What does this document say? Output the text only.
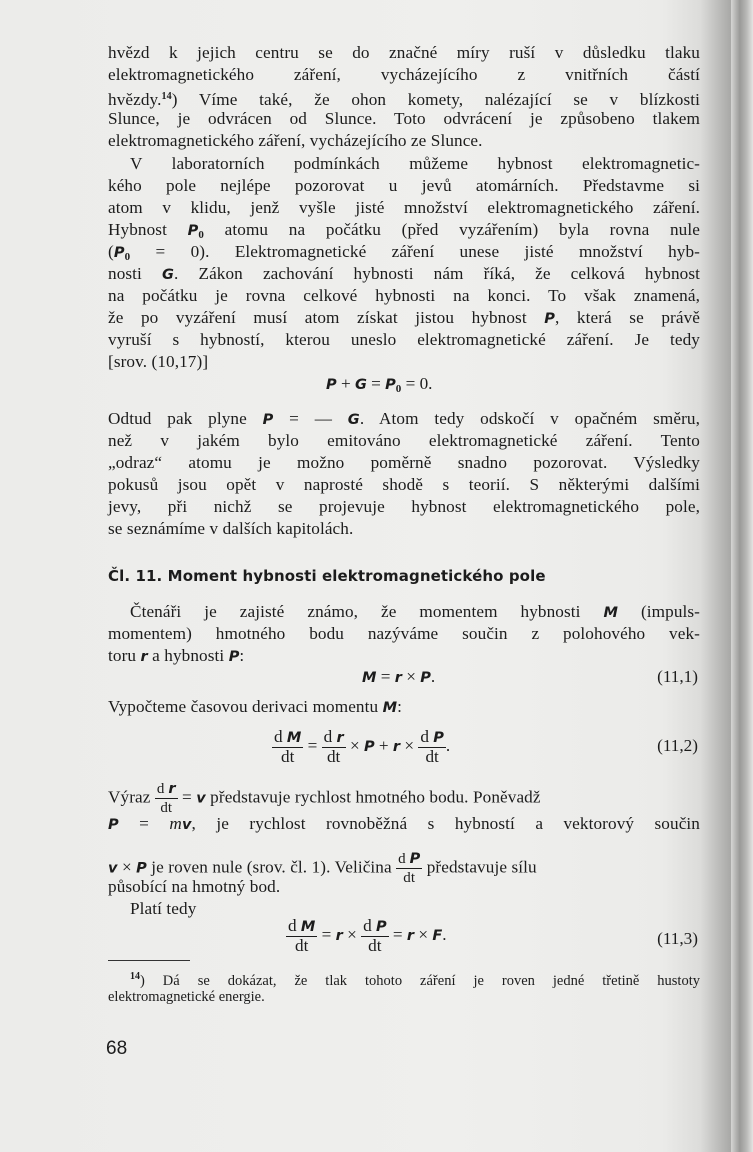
hvězd k jejich centru se do značné míry ruší v důsledku tlaku
elektromagnetického záření, vycházejícího z vnitřních částí
hvězdy.$^{14}$) Víme také, že ohon komety, nalézající se v blízkosti
Slunce, je odvrácen od Slunce. Toto odvrácení je způsobeno tlakem
elektromagnetického záření, vycházejícího ze Slunce.
V laboratorních podmínkách můžeme hybnost elektromagnetic-
kého pole nejlépe pozorovat u jevů atomárních. Představme si
atom v klidu, jenž vyšle jisté množství elektromagnetického záření.
Hybnost $P_0$ atomu na počátku (před vyzářením) byla rovna nule
$(P_0 = 0)$. Elektromagnetické záření unese jisté množství hyb-
nosti G. Zákon zachování hybnosti nám říká, že celková hybnost
na počátku je rovna celkové hybnosti na konci. To však znamená,
že po vyzáření musí atom získat jistou hybnost P, která se právě
vyruší s hybností, kterou uneslo elektromagnetické záření. Je tedy
[srov. (10,17)]
$P + G = P_0 = 0$.
Odtud pak plyne P = — G. Atom tedy odskočí v opačném směru,
než v jakém bylo emitováno elektromagnetické záření. Tento
„odraz“ atomu je možno poměrně snadno pozorovat. Výsledky
pokusů jsou opět v naprosté shodě s teorií. S některými dalšími
jevy, při nichž se projevuje hybnost elektromagnetického pole,
se seznámíme v dalších kapitolách.
Čl. 11. Moment hybnosti elektromagnetického pole
Čtenáři je zajisté známo, že momentem hybnosti M (impuls-
momentem) hmotného bodu nazýváme součin z polohového vek-
toru r a hybnosti P:
M = r × P.	(11,1)
Vypočteme časovou derivaci momentu M:
$\frac{\text{d M}}{dt} = \frac{\text{d r}}{dt} \times P + r \times \frac{\text{d P}}{dt}$ .	(11,2)
Výraz $\frac{\text{d r}}{dt} = v$ představuje rychlost hmotného bodu. Poněvadž
P = mv, je rychlost rovnoběžná s hybností a vektorový součin
v × P je roven nule (srov. čl. 1). Veličina $\frac{\text{d P}}{dt}$ představuje sílu
působící na hmotný bod.
Platí tedy
$\frac{\text{d M}}{dt} = r \times \frac{\text{d P}}{dt} = r \times F$.	(11,3)
$^{14}$) Dá se dokázat, že tlak tohoto záření je roven jedné třetině hustoty
elektromagnetické energie.
68
